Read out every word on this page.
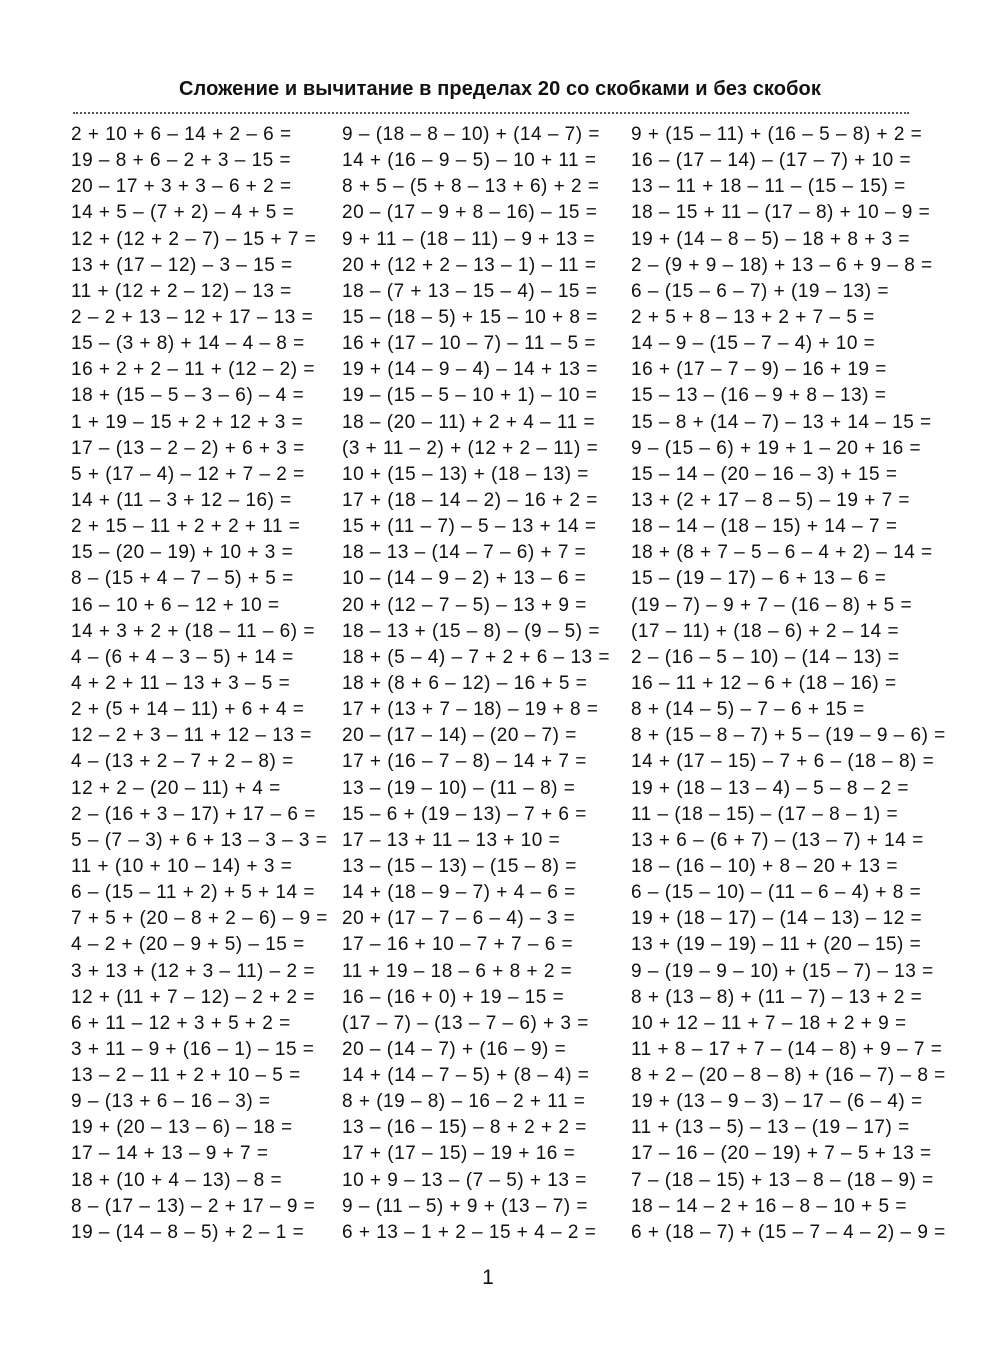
Сложение и вычитание в пределах 20 со скобками и без скобок
2 + 10 + 6 – 14 + 2 – 6 =
19 – 8 + 6 – 2 + 3 – 15 =
20 – 17 + 3 + 3 – 6 + 2 =
14 + 5 – (7 + 2) – 4 + 5 =
12 + (12 + 2 – 7) – 15 + 7 =
13 + (17 – 12) – 3 – 15 =
11 + (12 + 2 – 12) – 13 =
2 – 2 + 13 – 12 + 17 – 13 =
15 – (3 + 8) + 14 – 4 – 8 =
16 + 2 + 2 – 11 + (12 – 2) =
18 + (15 – 5 – 3 – 6) – 4 =
1 + 19 – 15 + 2 + 12 + 3 =
17 – (13 – 2 – 2) + 6 + 3 =
5 + (17 – 4) – 12 + 7 – 2 =
14 + (11 – 3 + 12 – 16) =
2 + 15 – 11 + 2 + 2 + 11 =
15 – (20 – 19) + 10 + 3 =
8 – (15 + 4 – 7 – 5) + 5 =
16 – 10 + 6 – 12 + 10 =
14 + 3 + 2 + (18 – 11 – 6) =
4 – (6 + 4 – 3 – 5) + 14 =
4 + 2 + 11 – 13 + 3 – 5 =
2 + (5 + 14 – 11) + 6 + 4 =
12 – 2 + 3 – 11 + 12 – 13 =
4 – (13 + 2 – 7 + 2 – 8) =
12 + 2 – (20 – 11) + 4 =
2 – (16 + 3 – 17) + 17 – 6 =
5 – (7 – 3) + 6 + 13 – 3 – 3 =
11 + (10 + 10 – 14) + 3 =
6 – (15 – 11 + 2) + 5 + 14 =
7 + 5 + (20 – 8 + 2 – 6) – 9 =
4 – 2 + (20 – 9 + 5) – 15 =
3 + 13 + (12 + 3 – 11) – 2 =
12 + (11 + 7 – 12) – 2 + 2 =
6 + 11 – 12 + 3 + 5 + 2 =
3 + 11 – 9 + (16 – 1) – 15 =
13 – 2 – 11 + 2 + 10 – 5 =
9 – (13 + 6 – 16 – 3) =
19 + (20 – 13 – 6) – 18 =
17 – 14 + 13 – 9 + 7 =
18 + (10 + 4 – 13) – 8 =
8 – (17 – 13) – 2 + 17 – 9 =
19 – (14 – 8 – 5) + 2 – 1 =
9 – (18 – 8 – 10) + (14 – 7) =
14 + (16 – 9 – 5) – 10 + 11 =
8 + 5 – (5 + 8 – 13 + 6) + 2 =
20 – (17 – 9 + 8 – 16) – 15 =
9 + 11 – (18 – 11) – 9 + 13 =
20 + (12 + 2 – 13 – 1) – 11 =
18 – (7 + 13 – 15 – 4) – 15 =
15 – (18 – 5) + 15 – 10 + 8 =
16 + (17 – 10 – 7) – 11 – 5 =
19 + (14 – 9 – 4) – 14 + 13 =
19 – (15 – 5 – 10 + 1) – 10 =
18 – (20 – 11) + 2 + 4 – 11 =
(3 + 11 – 2) + (12 + 2 – 11) =
10 + (15 – 13) + (18 – 13) =
17 + (18 – 14 – 2) – 16 + 2 =
15 + (11 – 7) – 5 – 13 + 14 =
18 – 13 – (14 – 7 – 6) + 7 =
10 – (14 – 9 – 2) + 13 – 6 =
20 + (12 – 7 – 5) – 13 + 9 =
18 – 13 + (15 – 8) – (9 – 5) =
18 + (5 – 4) – 7 + 2 + 6 – 13 =
18 + (8 + 6 – 12) – 16 + 5 =
17 + (13 + 7 – 18) – 19 + 8 =
20 – (17 – 14) – (20 – 7) =
17 + (16 – 7 – 8) – 14 + 7 =
13 – (19 – 10) – (11 – 8) =
15 – 6 + (19 – 13) – 7 + 6 =
17 – 13 + 11 – 13 + 10 =
13 – (15 – 13) – (15 – 8) =
14 + (18 – 9 – 7) + 4 – 6 =
20 + (17 – 7 – 6 – 4) – 3 =
17 – 16 + 10 – 7 + 7 – 6 =
11 + 19 – 18 – 6 + 8 + 2 =
16 – (16 + 0) + 19 – 15 =
(17 – 7) – (13 – 7 – 6) + 3 =
20 – (14 – 7) + (16 – 9) =
14 + (14 – 7 – 5) + (8 – 4) =
8 + (19 – 8) – 16 – 2 + 11 =
13 – (16 – 15) – 8 + 2 + 2 =
17 + (17 – 15) – 19 + 16 =
10 + 9 – 13 – (7 – 5) + 13 =
9 – (11 – 5) + 9 + (13 – 7) =
6 + 13 – 1 + 2 – 15 + 4 – 2 =
9 + (15 – 11) + (16 – 5 – 8) + 2 =
16 – (17 – 14) – (17 – 7) + 10 =
13 – 11 + 18 – 11 – (15 – 15) =
18 – 15 + 11 – (17 – 8) + 10 – 9 =
19 + (14 – 8 – 5) – 18 + 8 + 3 =
2 – (9 + 9 – 18) + 13 – 6 + 9 – 8 =
6 – (15 – 6 – 7) + (19 – 13) =
2 + 5 + 8 – 13 + 2 + 7 – 5 =
14 – 9 – (15 – 7 – 4) + 10 =
16 + (17 – 7 – 9) – 16 + 19 =
15 – 13 – (16 – 9 + 8 – 13) =
15 – 8 + (14 – 7) – 13 + 14 – 15 =
9 – (15 – 6) + 19 + 1 – 20 + 16 =
15 – 14 – (20 – 16 – 3) + 15 =
13 + (2 + 17 – 8 – 5) – 19 + 7 =
18 – 14 – (18 – 15) + 14 – 7 =
18 + (8 + 7 – 5 – 6 – 4 + 2) – 14 =
15 – (19 – 17) – 6 + 13 – 6 =
(19 – 7) – 9 + 7 – (16 – 8) + 5 =
(17 – 11) + (18 – 6) + 2 – 14 =
2 – (16 – 5 – 10) – (14 – 13) =
16 – 11 + 12 – 6 + (18 – 16) =
8 + (14 – 5) – 7 – 6 + 15 =
8 + (15 – 8 – 7) + 5 – (19 – 9 – 6) =
14 + (17 – 15) – 7 + 6 – (18 – 8) =
19 + (18 – 13 – 4) – 5 – 8 – 2 =
11 – (18 – 15) – (17 – 8 – 1) =
13 + 6 – (6 + 7) – (13 – 7) + 14 =
18 – (16 – 10) + 8 – 20 + 13 =
6 – (15 – 10) – (11 – 6 – 4) + 8 =
19 + (18 – 17) – (14 – 13) – 12 =
13 + (19 – 19) – 11 + (20 – 15) =
9 – (19 – 9 – 10) + (15 – 7) – 13 =
8 + (13 – 8) + (11 – 7) – 13 + 2 =
10 + 12 – 11 + 7 – 18 + 2 + 9 =
11 + 8 – 17 + 7 – (14 – 8) + 9 – 7 =
8 + 2 – (20 – 8 – 8) + (16 – 7) – 8 =
19 + (13 – 9 – 3) – 17 – (6 – 4) =
11 + (13 – 5) – 13 – (19 – 17) =
17 – 16 – (20 – 19) + 7 – 5 + 13 =
7 – (18 – 15) + 13 – 8 – (18 – 9) =
18 – 14 – 2 + 16 – 8 – 10 + 5 =
6 + (18 – 7) + (15 – 7 – 4 – 2) – 9 =
1
